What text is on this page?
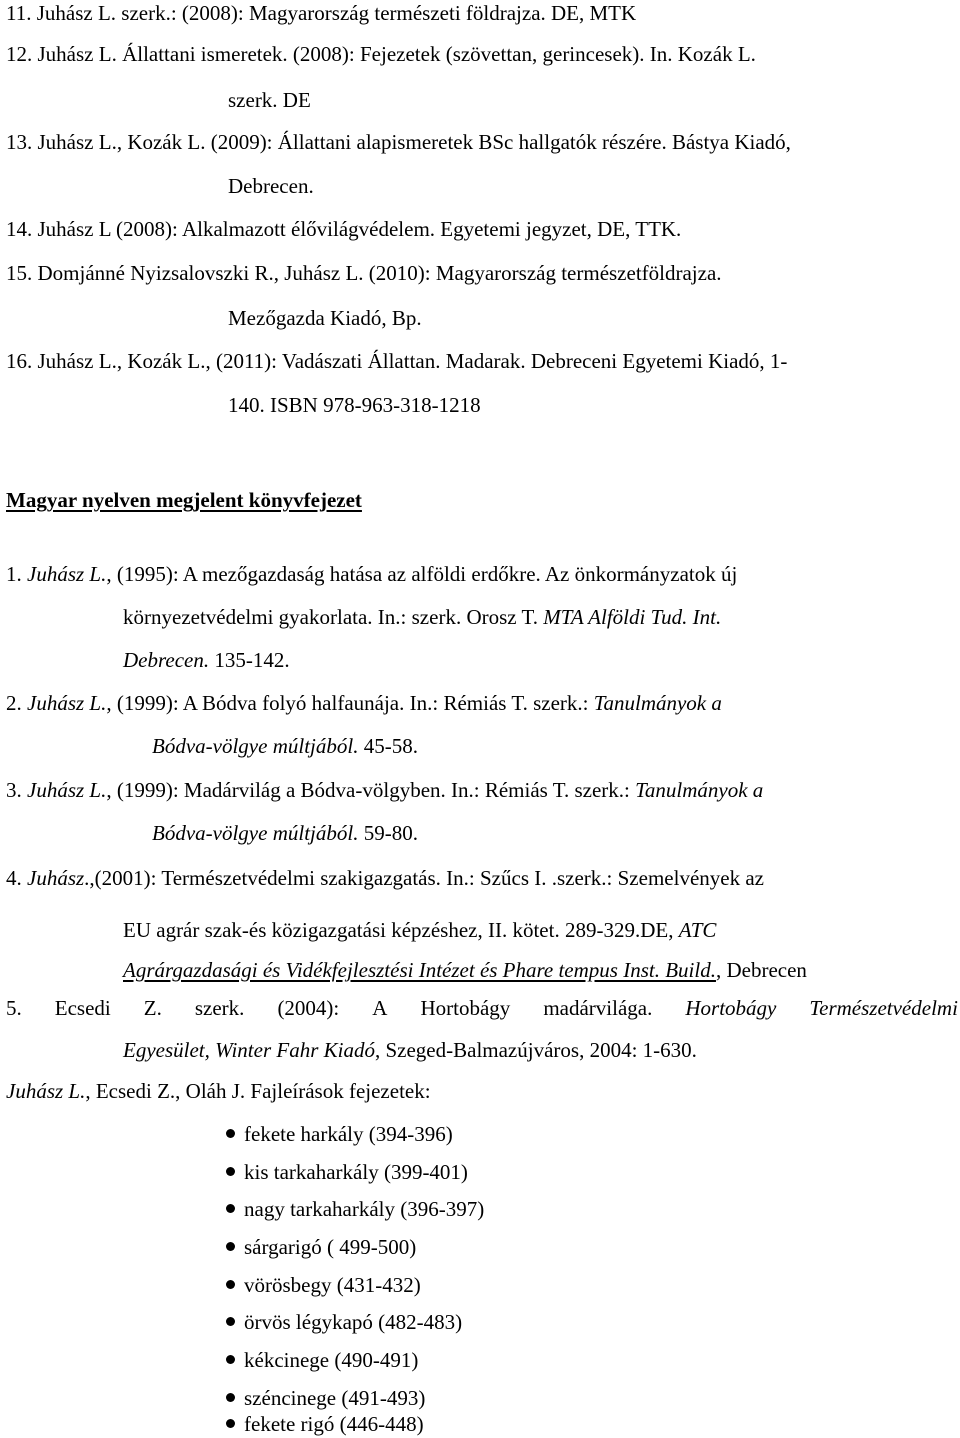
11. Juhász L. szerk.: (2008): Magyarország természeti földrajza. DE, MTK
12. Juhász L. Állattani ismeretek. (2008): Fejezetek (szövettan, gerincesek). In. Kozák L.
szerk. DE
13. Juhász L., Kozák L. (2009): Állattani alapismeretek BSc hallgatók részére. Bástya Kiadó,
Debrecen.
14. Juhász L (2008): Alkalmazott élővilágvédelem. Egyetemi jegyzet, DE, TTK.
15. Domjánné Nyizsalovszki R., Juhász L. (2010): Magyarország természetföldrajza.
Mezőgazda Kiadó, Bp.
16. Juhász L., Kozák L., (2011): Vadászati Állattan. Madarak. Debreceni Egyetemi Kiadó, 1-
140. ISBN 978-963-318-1218
Magyar nyelven megjelent könyvfejezet
1. Juhász L., (1995): A mezőgazdaság hatása az alföldi erdőkre. Az önkormányzatok új
környezetvédelmi gyakorlata. In.: szerk. Orosz T. MTA Alföldi Tud. Int.
Debrecen. 135-142.
2. Juhász L., (1999): A Bódva folyó halfaunája. In.: Rémiás T. szerk.: Tanulmányok a
Bódva-völgye múltjából. 45-58.
3. Juhász L., (1999): Madárvilág a Bódva-völgyben. In.: Rémiás T. szerk.: Tanulmányok a
Bódva-völgye múltjából. 59-80.
4. Juhász.,(2001): Természetvédelmi szakigazgatás. In.: Szűcs I. .szerk.: Szemelvények az
EU agrár szak-és közigazgatási képzéshez, II. kötet. 289-329.DE, ATC
Agrárgazdasági és Vidékfejlesztési Intézet és Phare tempus Inst. Build., Debrecen
5. Ecsedi Z. szerk. (2004): A Hortobágy madárvilága. Hortobágy Természetvédelmi
Egyesület, Winter Fahr Kiadó, Szeged-Balmazújváros, 2004: 1-630.
Juhász L., Ecsedi Z., Oláh J. Fajleírások fejezetek:
fekete harkály (394-396)
kis tarkaharkály (399-401)
nagy tarkaharkály (396-397)
sárgarigó ( 499-500)
vörösbegy (431-432)
örvös légykapó (482-483)
kékcinege (490-491)
széncinege (491-493)
fekete rigó (446-448)
